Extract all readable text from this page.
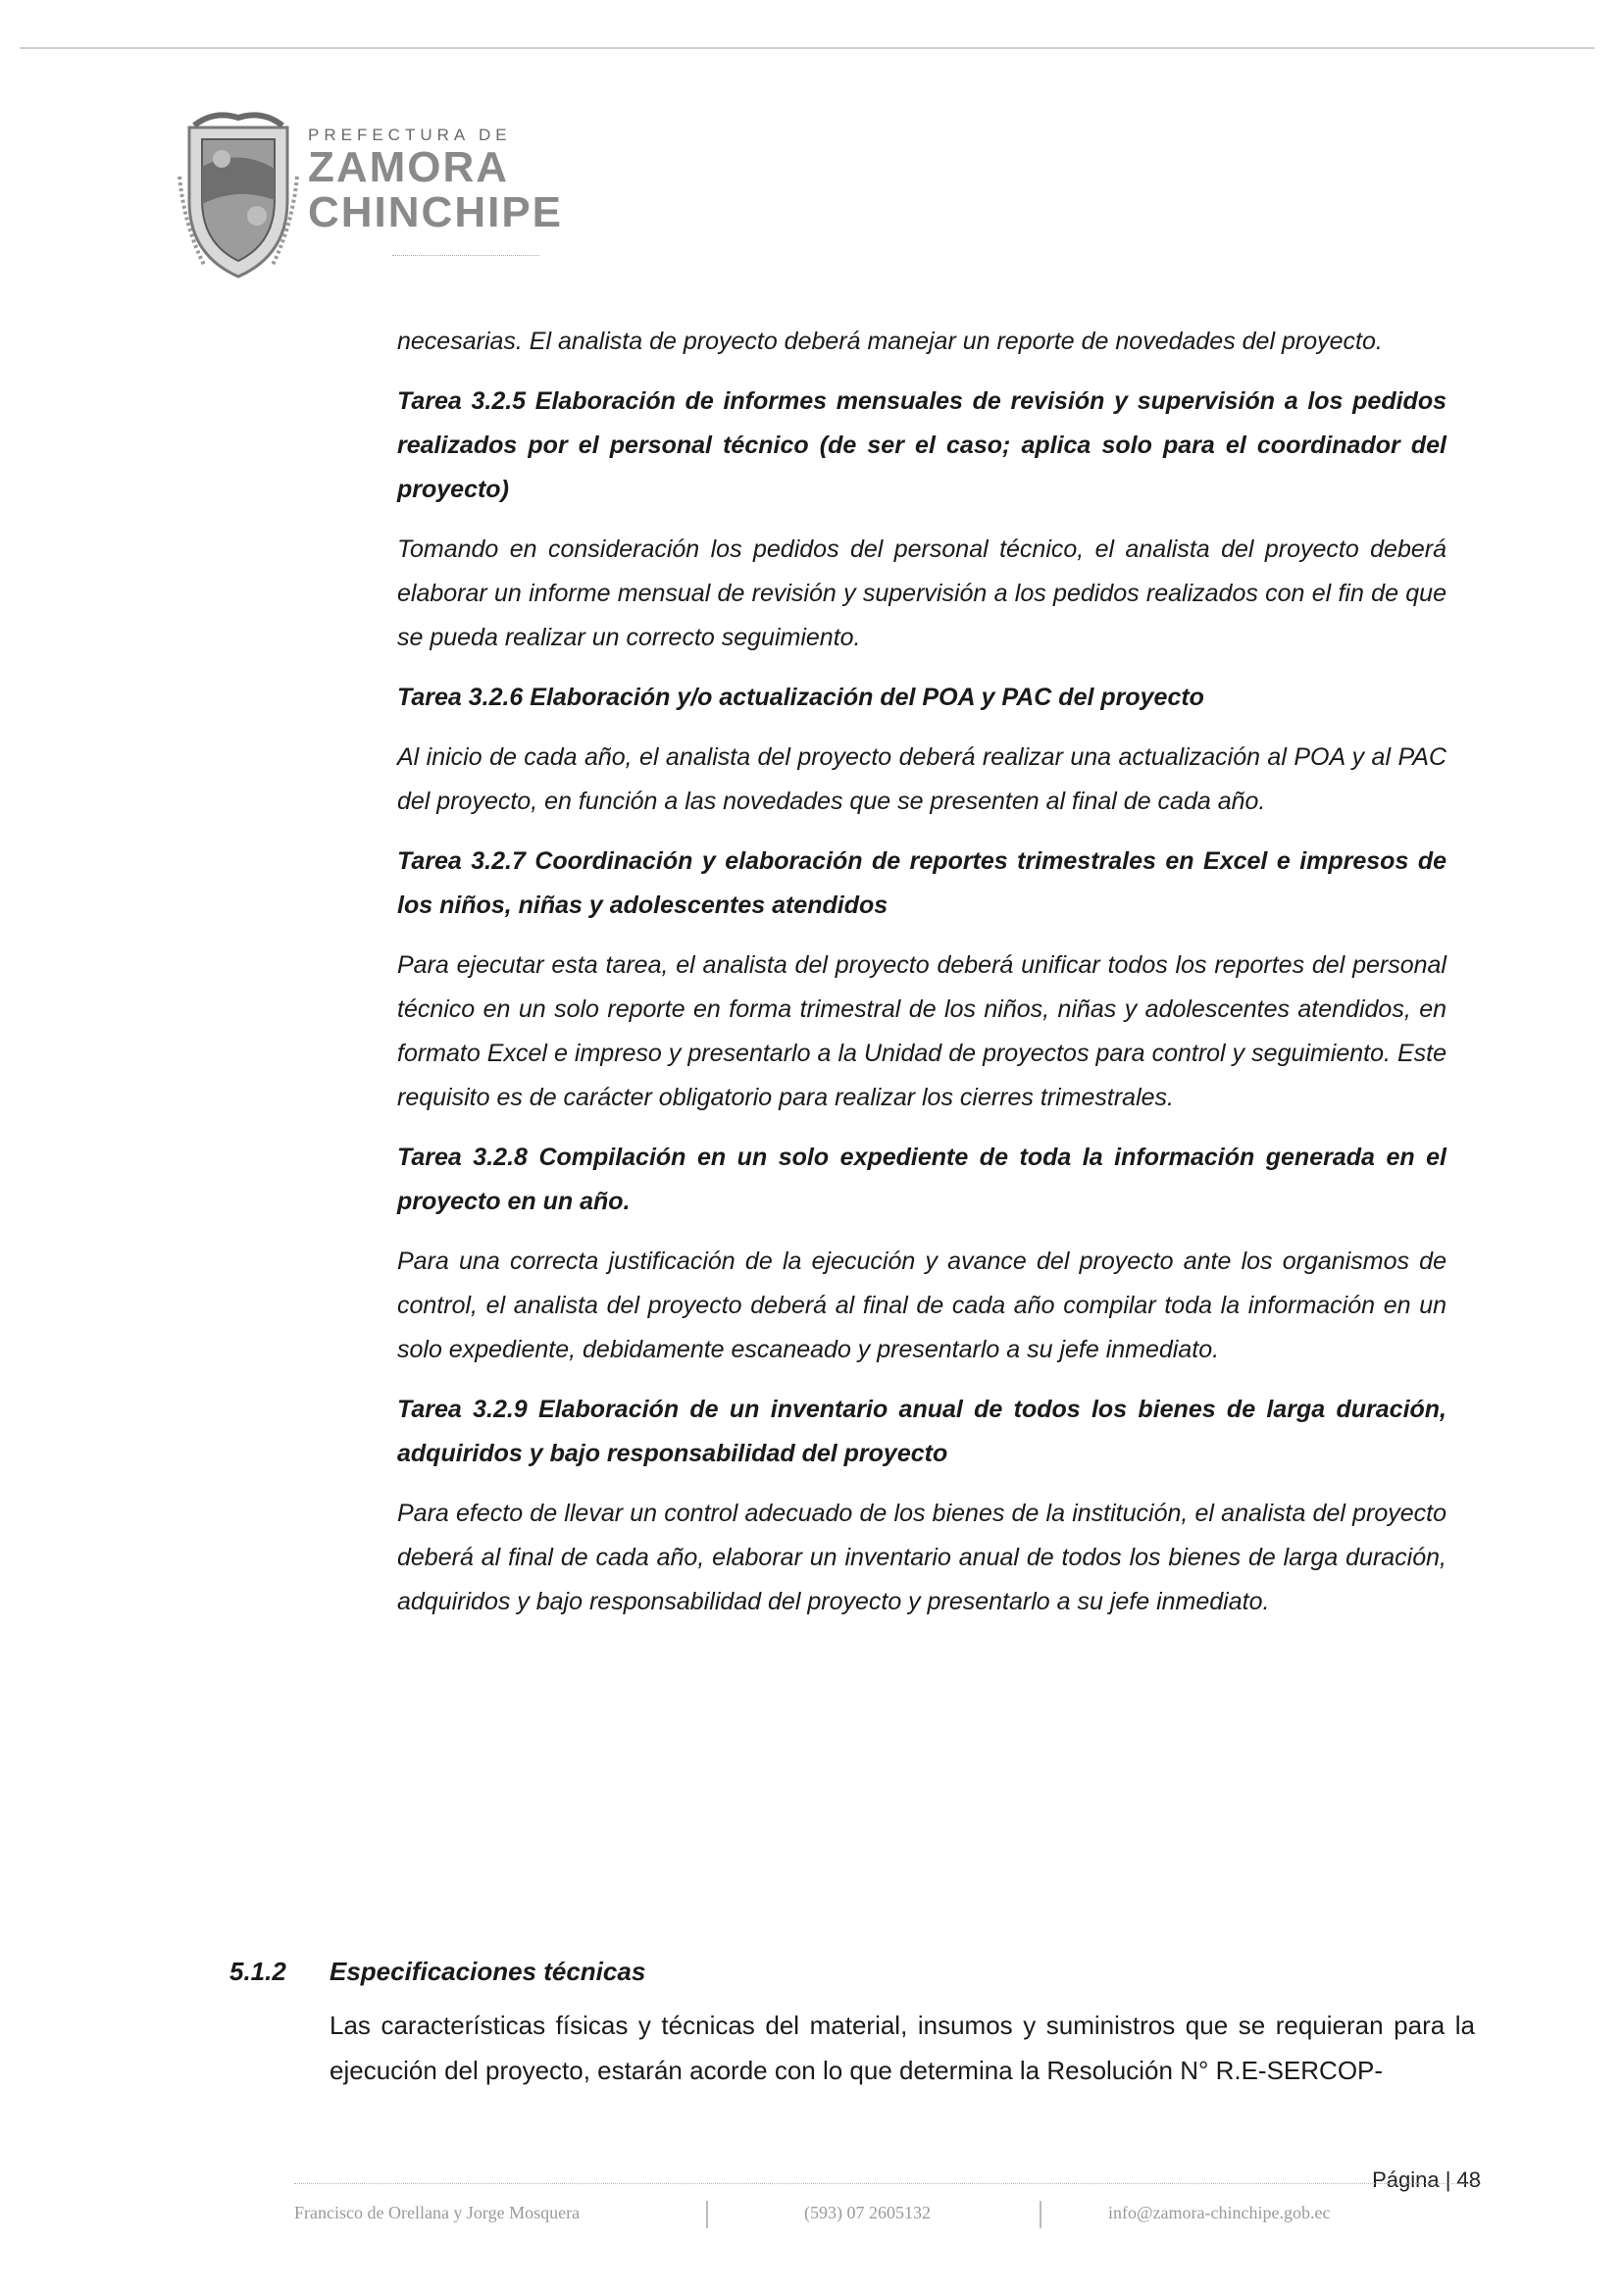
PREFECTURA DE
ZAMORA
CHINCHIPE

necesarias. El analista de proyecto deberá manejar un reporte de novedades del proyecto.

Tarea 3.2.5 Elaboración de informes mensuales de revisión y supervisión a los pedidos realizados por el personal técnico (de ser el caso; aplica solo para el coordinador del proyecto)

Tomando en consideración los pedidos del personal técnico, el analista del proyecto deberá elaborar un informe mensual de revisión y supervisión a los pedidos realizados con el fin de que se pueda realizar un correcto seguimiento.

Tarea 3.2.6 Elaboración y/o actualización del POA y PAC del proyecto

Al inicio de cada año, el analista del proyecto deberá realizar una actualización al POA y al PAC del proyecto, en función a las novedades que se presenten al final de cada año.

Tarea 3.2.7 Coordinación y elaboración de reportes trimestrales en Excel e impresos de los niños, niñas y adolescentes atendidos

Para ejecutar esta tarea, el analista del proyecto deberá unificar todos los reportes del personal técnico en un solo reporte en forma trimestral de los niños, niñas y adolescentes atendidos, en formato Excel e impreso y presentarlo a la Unidad de proyectos para control y seguimiento. Este requisito es de carácter obligatorio para realizar los cierres trimestrales.

Tarea 3.2.8 Compilación en un solo expediente de toda la información generada en el proyecto en un año.

Para una correcta justificación de la ejecución y avance del proyecto ante los organismos de control, el analista del proyecto deberá al final de cada año compilar toda la información en un solo expediente, debidamente escaneado y presentarlo a su jefe inmediato.

Tarea 3.2.9 Elaboración de un inventario anual de todos los bienes de larga duración, adquiridos y bajo responsabilidad del proyecto

Para efecto de llevar un control adecuado de los bienes de la institución, el analista del proyecto deberá al final de cada año, elaborar un inventario anual de todos los bienes de larga duración, adquiridos y bajo responsabilidad del proyecto y presentarlo a su jefe inmediato.

5.1.2	Especificaciones técnicas
Las características físicas y técnicas del material, insumos y suministros que se requieran para la ejecución del proyecto, estarán acorde con lo que determina la Resolución N° R.E-SERCOP-
Página | 48
Francisco de Orellana y Jorge Mosquera	(593) 07 2605132	info@zamora-chinchipe.gob.ec
